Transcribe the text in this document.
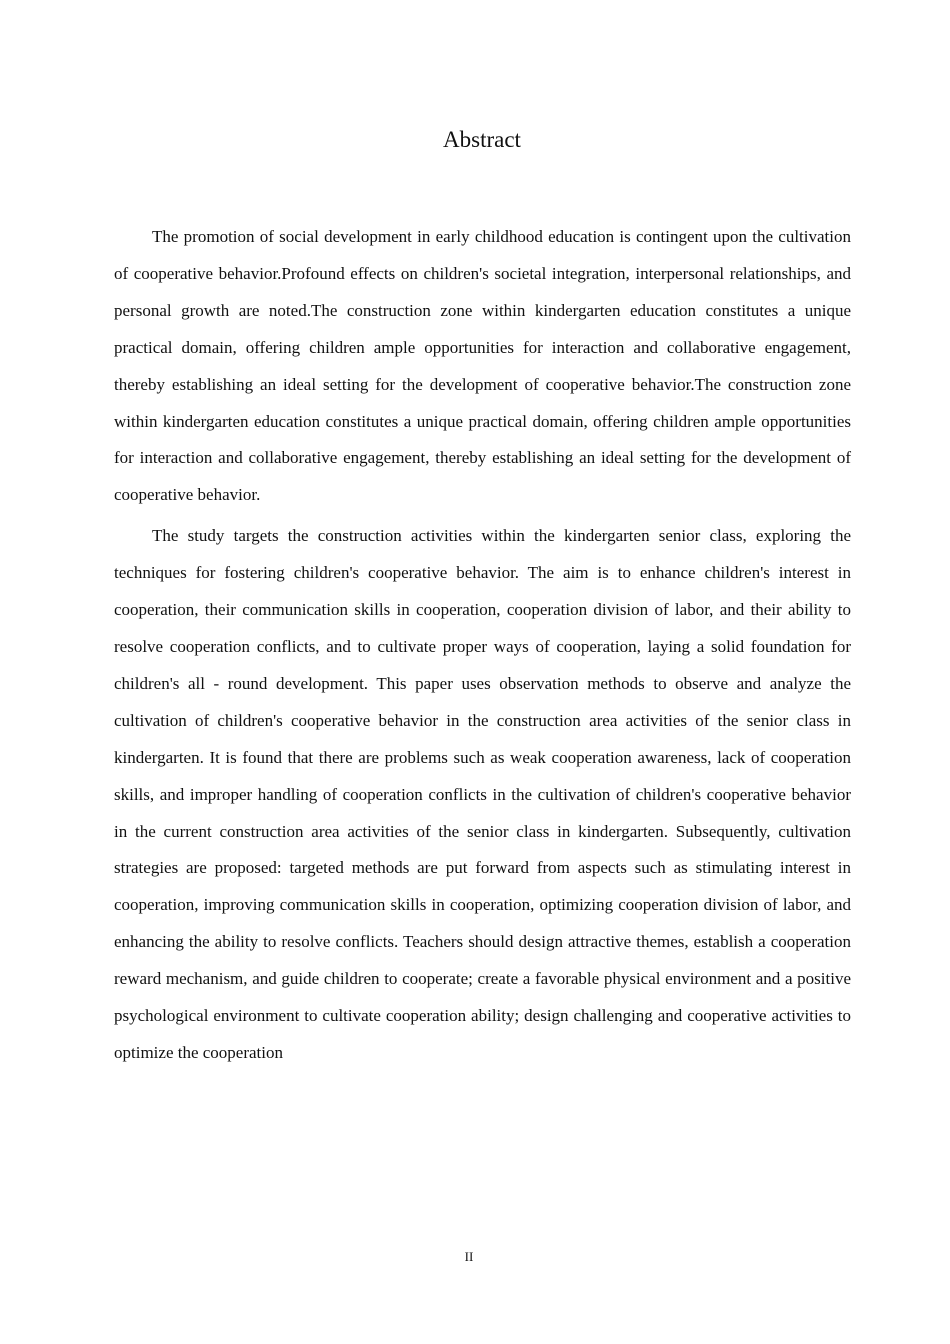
Abstract

The promotion of social development in early childhood education is contingent upon the cultivation of cooperative behavior.Profound effects on children's societal integration, interpersonal relationships, and personal growth are noted.The construction zone within kindergarten education constitutes a unique practical domain, offering children ample opportunities for interaction and collaborative engagement, thereby establishing an ideal setting for the development of cooperative behavior.The construction zone within kindergarten education constitutes a unique practical domain, offering children ample opportunities for interaction and collaborative engagement, thereby establishing an ideal setting for the development of cooperative behavior.

The study targets the construction activities within the kindergarten senior class, exploring the techniques for fostering children's cooperative behavior. The aim is to enhance children's interest in cooperation, their communication skills in cooperation, cooperation division of labor, and their ability to resolve cooperation conflicts, and to cultivate proper ways of cooperation, laying a solid foundation for children's all - round development. This paper uses observation methods to observe and analyze the cultivation of children's cooperative behavior in the construction area activities of the senior class in kindergarten. It is found that there are problems such as weak cooperation awareness, lack of cooperation skills, and improper handling of cooperation conflicts in the cultivation of children's cooperative behavior in the current construction area activities of the senior class in kindergarten. Subsequently, cultivation strategies are proposed: targeted methods are put forward from aspects such as stimulating interest in cooperation, improving communication skills in cooperation, optimizing cooperation division of labor, and enhancing the ability to resolve conflicts. Teachers should design attractive themes, establish a cooperation reward mechanism, and guide children to cooperate; create a favorable physical environment and a positive psychological environment to cultivate cooperation ability; design challenging and cooperative activities to optimize the cooperation

II
